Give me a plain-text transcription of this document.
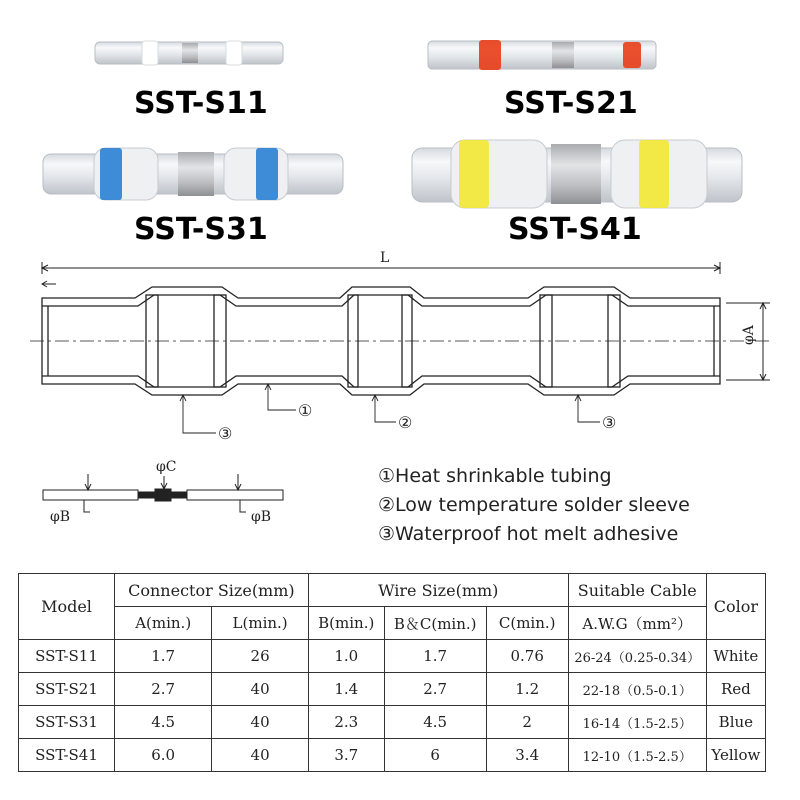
SST-S11	SST-S21
SST-S31	SST-S41
L
φA
③
①
②	③
φC
φB	φB
①Heat shrinkable tubing
②Low temperature solder sleeve
③Waterproof hot melt adhesive
Model	Connector Size(mm)		Wire Size(mm)			Suitable Cable	Color
	A(min.)	L(min.)	B(min.)	B＆C(min.)	C(min.)	A.W.G（mm²）	
SST-S11	1.7	26	1.0	1.7	0.76	26-24（0.25-0.34）	White
SST-S21	2.7	40	1.4	2.7	1.2	22-18（0.5-0.1）	Red
SST-S31	4.5	40	2.3	4.5	2	16-14（1.5-2.5）	Blue
SST-S41	6.0	40	3.7	6	3.4	12-10（1.5-2.5）	Yellow
